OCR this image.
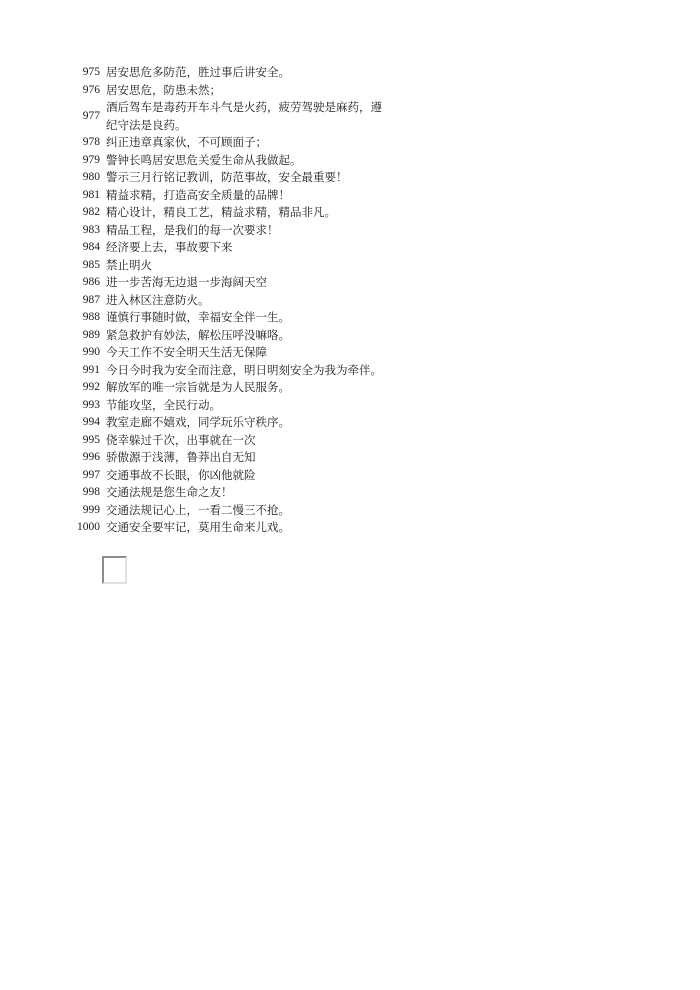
975 居安思危多防范，胜过事后讲安全。
976 居安思危，防患未然；
977
酒后驾车是毒药开车斗气是火药，疲劳驾驶是麻药，遵纪守法是良药。
978 纠正违章真家伙，不可顾面子；
979 警钟长鸣居安思危关爱生命从我做起。
980 警示三月行铭记教训，防范事故，安全最重要！
981 精益求精，打造高安全质量的品牌！
982 精心设计，精良工艺，精益求精，精品非凡。
983 精品工程，是我们的每一次要求！
984 经济要上去，事故要下来
985 禁止明火
986 进一步苦海无边退一步海阔天空
987 进入林区注意防火。
988 谨慎行事随时做，幸福安全伴一生。
989 紧急救护有妙法，解松压呼没嘛咯。
990 今天工作不安全明天生活无保障
991 今日今时我为安全而注意，明日明刻安全为我为牵伴。
992 解放军的唯一宗旨就是为人民服务。
993 节能攻坚，全民行动。
994 教室走廊不嬉戏，同学玩乐守秩序。
995 侥幸躲过千次，出事就在一次
996 骄傲源于浅薄，鲁莽出自无知
997 交通事故不长眼，你凶他就险
998 交通法规是您生命之友！
999 交通法规记心上，一看二慢三不抢。
1000 交通安全要牢记，莫用生命来儿戏。
